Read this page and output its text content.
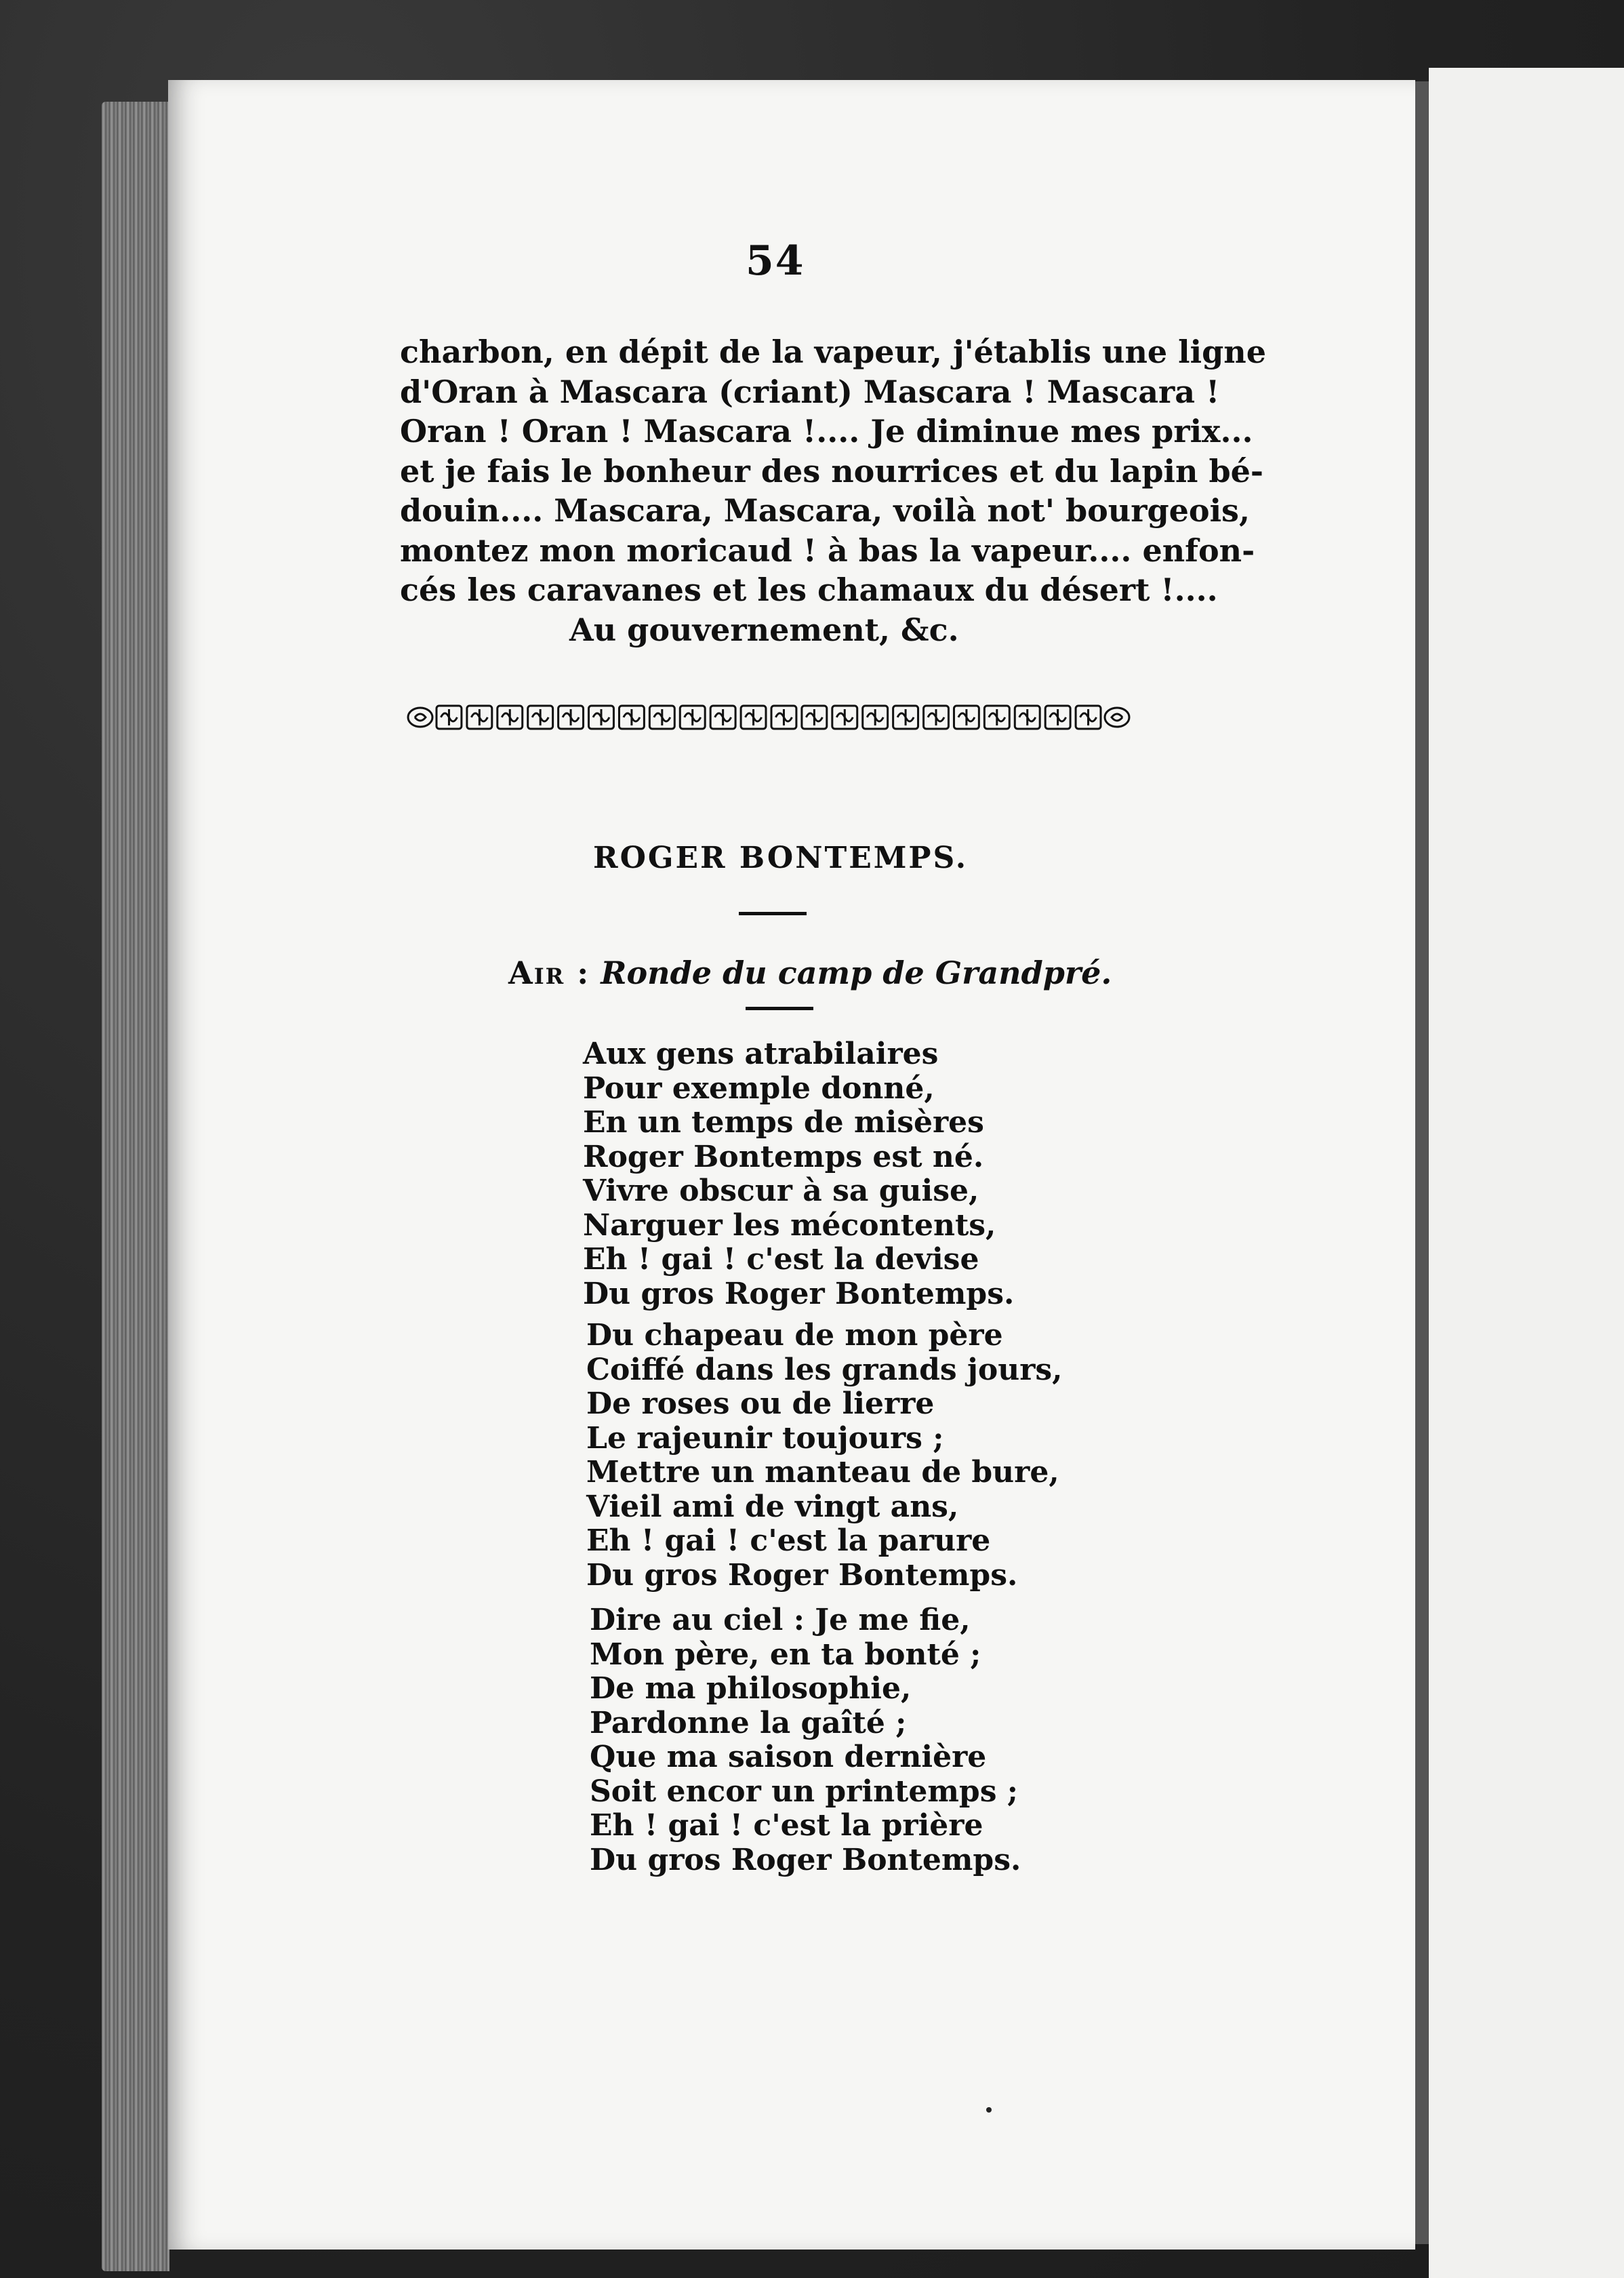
54
charbon, en dépit de la vapeur, j'établis une ligne
d'Oran à Mascara (criant) Mascara ! Mascara !
Oran ! Oran ! Mascara !.... Je diminue mes prix...
et je fais le bonheur des nourrices et du lapin bé-
douin.... Mascara, Mascara, voilà not' bourgeois,
montez mon moricaud ! à bas la vapeur.... enfon-
cés les caravanes et les chamaux du désert !....
Au gouvernement, &c.
ROGER BONTEMPS.
Air : Ronde du camp de Grandpré.
Aux gens atrabilaires
Pour exemple donné,
En un temps de misères
Roger Bontemps est né.
Vivre obscur à sa guise,
Narguer les mécontents,
Eh ! gai ! c'est la devise
Du gros Roger Bontemps.
Du chapeau de mon père
Coiffé dans les grands jours,
De roses ou de lierre
Le rajeunir toujours ;
Mettre un manteau de bure,
Vieil ami de vingt ans,
Eh ! gai ! c'est la parure
Du gros Roger Bontemps.
Dire au ciel : Je me fie,
Mon père, en ta bonté ;
De ma philosophie,
Pardonne la gaîté ;
Que ma saison dernière
Soit encor un printemps ;
Eh ! gai ! c'est la prière
Du gros Roger Bontemps.
